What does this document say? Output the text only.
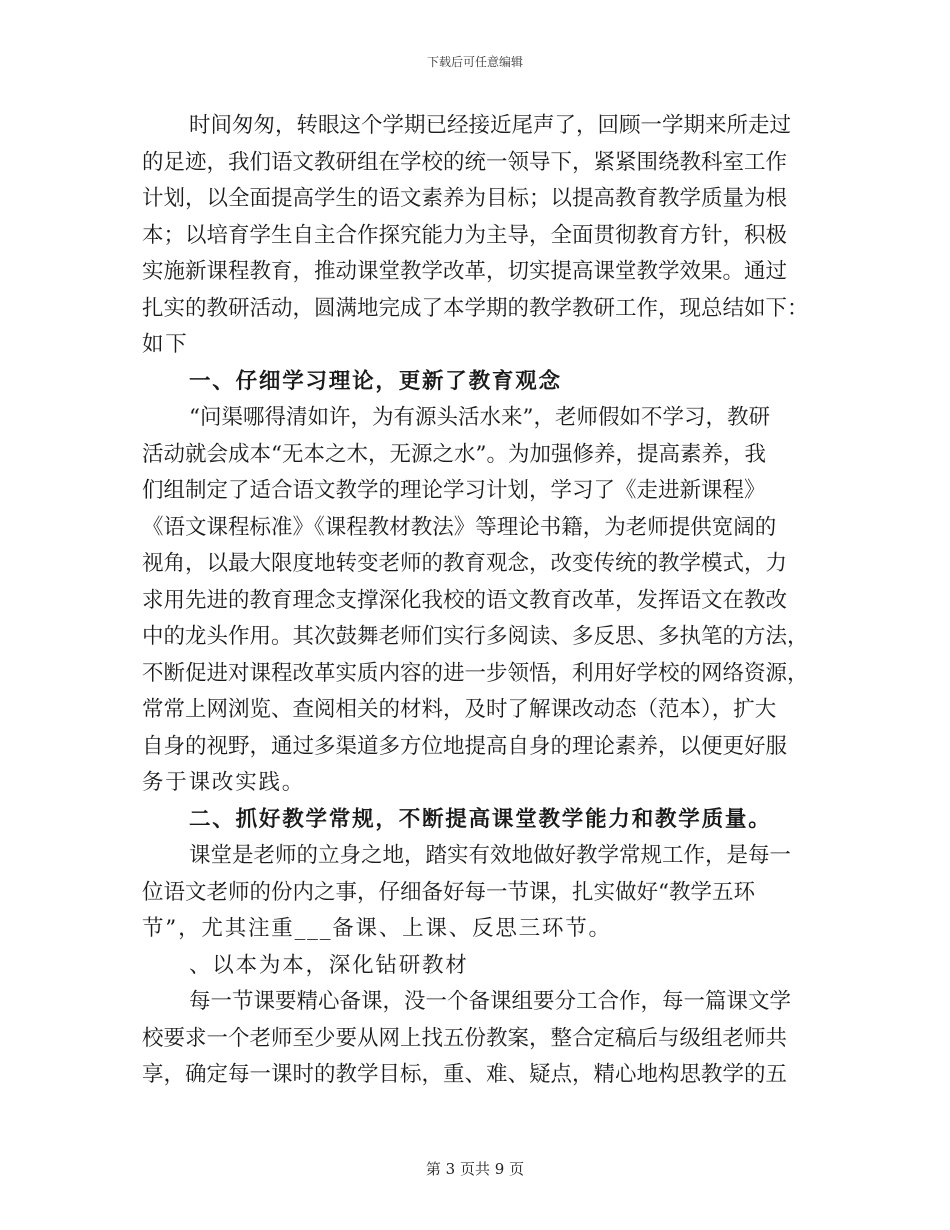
下载后可任意编辑
时间匆匆，转眼这个学期已经接近尾声了，回顾一学期来所走过
的足迹，我们语文教研组在学校的统一领导下，紧紧围绕教科室工作
计划，以全面提高学生的语文素养为目标；以提高教育教学质量为根
本；以培育学生自主合作探究能力为主导，全面贯彻教育方针，积极
实施新课程教育，推动课堂教学改革，切实提高课堂教学效果。通过
扎实的教研活动，圆满地完成了本学期的教学教研工作，现总结如下：
如下
一、仔细学习理论，更新了教育观念
“问渠哪得清如许，为有源头活水来”，老师假如不学习，教研
活动就会成本“无本之木，无源之水”。为加强修养，提高素养，我
们组制定了适合语文教学的理论学习计划，学习了《走进新课程》
《语文课程标准》《课程教材教法》等理论书籍，为老师提供宽阔的
视角，以最大限度地转变老师的教育观念，改变传统的教学模式，力
求用先进的教育理念支撑深化我校的语文教育改革，发挥语文在教改
中的龙头作用。其次鼓舞老师们实行多阅读、多反思、多执笔的方法，
不断促进对课程改革实质内容的进一步领悟，利用好学校的网络资源，
常常上网浏览、查阅相关的材料，及时了解课改动态（范本），扩大
自身的视野，通过多渠道多方位地提高自身的理论素养，以便更好服
务于课改实践。
二、抓好教学常规，不断提高课堂教学能力和教学质量。
课堂是老师的立身之地，踏实有效地做好教学常规工作，是每一
位语文老师的份内之事，仔细备好每一节课，扎实做好“教学五环
节”，尤其注重___备课、上课、反思三环节。
、以本为本，深化钻研教材
每一节课要精心备课，没一个备课组要分工合作，每一篇课文学
校要求一个老师至少要从网上找五份教案，整合定稿后与级组老师共
享，确定每一课时的教学目标，重、难、疑点，精心地构思教学的五
第 3 页共 9 页
